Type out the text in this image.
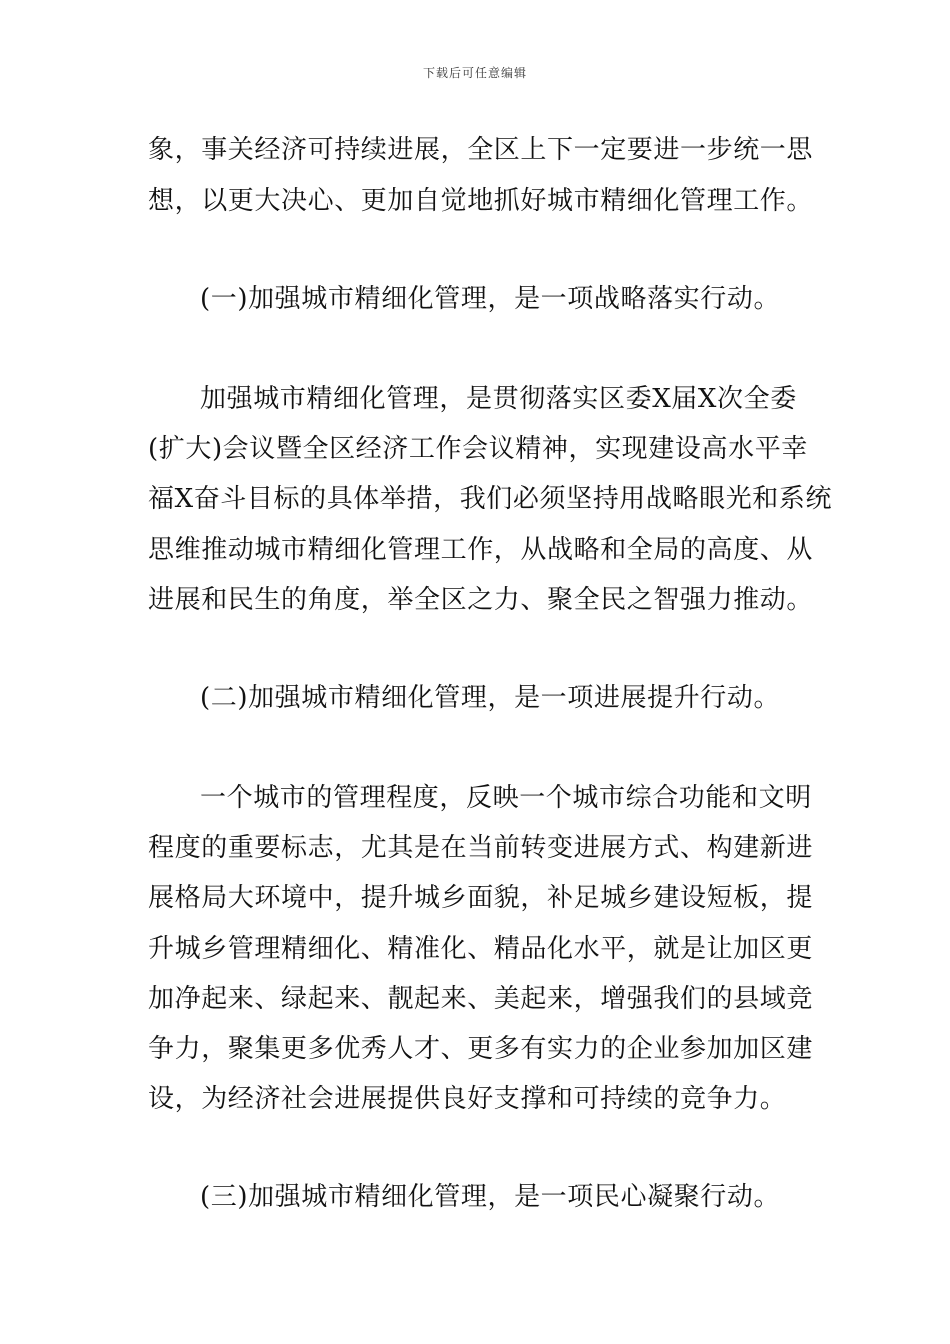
下载后可任意编辑
象，事关经济可持续进展，全区上下一定要进一步统一思
想，以更大决心、更加自觉地抓好城市精细化管理工作。
(一)加强城市精细化管理，是一项战略落实行动。
加强城市精细化管理，是贯彻落实区委X届X次全委
(扩大)会议暨全区经济工作会议精神，实现建设高水平幸
福X奋斗目标的具体举措，我们必须坚持用战略眼光和系统
思维推动城市精细化管理工作，从战略和全局的高度、从
进展和民生的角度，举全区之力、聚全民之智强力推动。
(二)加强城市精细化管理，是一项进展提升行动。
一个城市的管理程度，反映一个城市综合功能和文明
程度的重要标志，尤其是在当前转变进展方式、构建新进
展格局大环境中，提升城乡面貌，补足城乡建设短板，提
升城乡管理精细化、精准化、精品化水平，就是让加区更
加净起来、绿起来、靓起来、美起来，增强我们的县域竞
争力，聚集更多优秀人才、更多有实力的企业参加加区建
设，为经济社会进展提供良好支撑和可持续的竞争力。
(三)加强城市精细化管理，是一项民心凝聚行动。
